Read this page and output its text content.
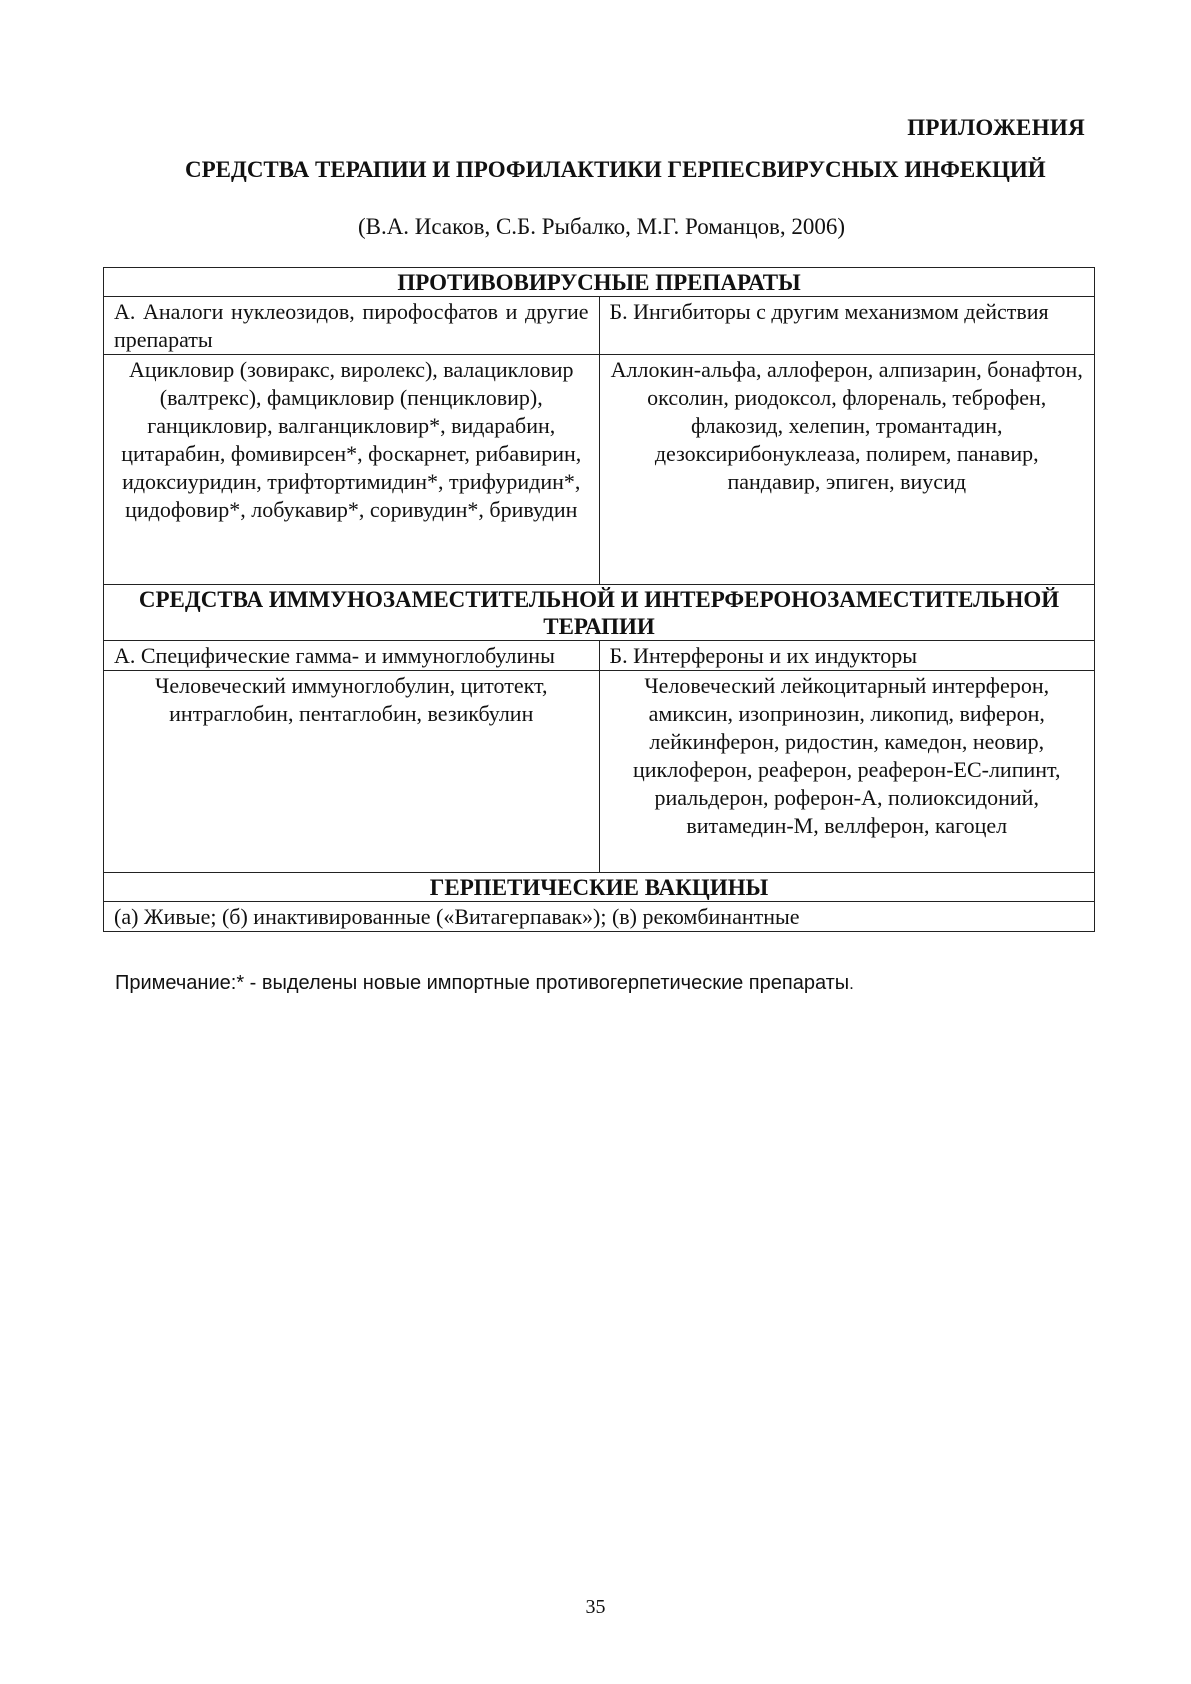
ПРИЛОЖЕНИЯ
СРЕДСТВА ТЕРАПИИ И ПРОФИЛАКТИКИ ГЕРПЕСВИРУСНЫХ ИНФЕКЦИЙ
(В.А. Исаков, С.Б. Рыбалко, М.Г. Романцов, 2006)
ПРОТИВОВИРУСНЫЕ ПРЕПАРАТЫ	
А. Аналоги нуклеозидов, пирофосфатов и другие препараты	Б. Ингибиторы с другим механизмом действия
Ацикловир (зовиракс, виролекс), валацикловир (валтрекс), фамцикловир (пенцикловир), ганцикловир, валганцикловир*, видарабин, цитарабин, фомивирсен*, фоскарнет, рибавирин, идоксиуридин, трифтортимидин*, трифуридин*, цидофовир*, лобукавир*, соривудин*, бривудин	Аллокин-альфа, аллоферон, алпизарин, бонафтон, оксолин, риодоксол, флореналь, теброфен, флакозид, хелепин, тромантадин, дезоксирибонуклеаза, полирем, панавир, пандавир, эпиген, виусид
СРЕДСТВА ИММУНОЗАМЕСТИТЕЛЬНОЙ И ИНТЕРФЕРОНОЗАМЕСТИТЕЛЬНОЙ ТЕРАПИИ	
А. Специфические гамма- и иммуноглобулины	Б. Интерфероны и их индукторы
Человеческий иммуноглобулин, цитотект, интраглобин, пентаглобин, везикбулин	Человеческий лейкоцитарный интерферон, амиксин, изопринозин, ликопид, виферон, лейкинферон, ридостин, камедон, неовир, циклоферон, реаферон, реаферон-ЕС-липинт, риальдерон, роферон-А, полиоксидоний, витамедин-М, веллферон, кагоцел
ГЕРПЕТИЧЕСКИЕ ВАКЦИНЫ	
(а) Живые; (б) инактивированные («Витагерпавак»); (в) рекомбинантные	
Примечание:* - выделены новые импортные противогерпетические препараты.
35
